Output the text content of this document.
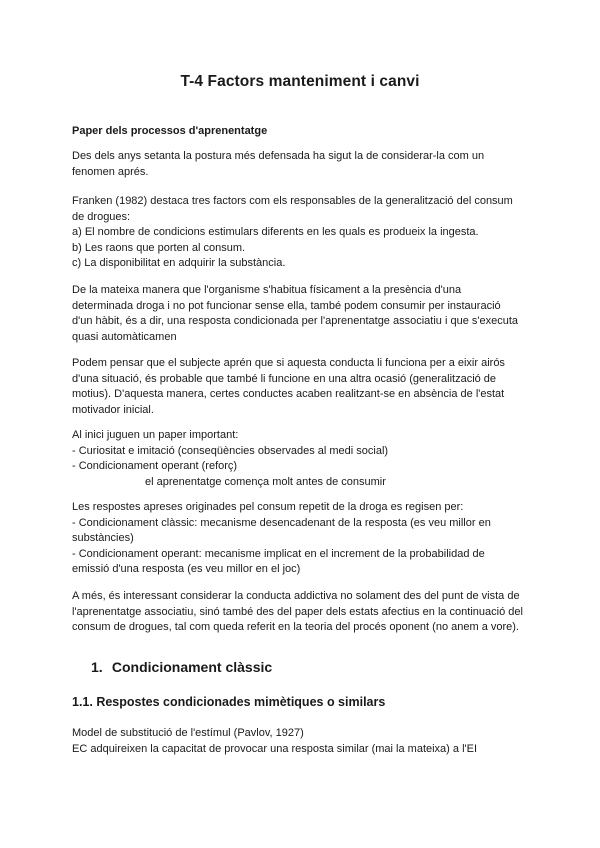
T-4 Factors manteniment i canvi
Paper dels processos d'aprenentatge
Des dels anys setanta la postura més defensada ha sigut la de considerar-la com un
fenomen aprés.
Franken (1982) destaca tres factors com els responsables de la generalització del consum
de drogues:
a) El nombre de condicions estimulars diferents en les quals es produeix la ingesta.
b) Les raons que porten al consum.
c) La disponibilitat en adquirir la substància.
De la mateixa manera que l'organisme s'habitua físicament a la presència d'una
determinada droga i no pot funcionar sense ella, també podem consumir per instauració
d'un hàbit, és a dir, una resposta condicionada per l'aprenentatge associatiu i que s'executa
quasi automàticamen
Podem pensar que el subjecte aprén que si aquesta conducta li funciona per a eixir airós
d'una situació, és probable que també li funcione en una altra ocasió (generalització de
motius). D'aquesta manera, certes conductes acaben realitzant-se en absència de l'estat
motivador inicial.
Al inici juguen un paper important:
- Curiositat e imitació (conseqüències observades al medi social)
- Condicionament operant (reforç)
el aprenentatge comença molt antes de consumir
Les respostes apreses originades pel consum repetit de la droga es regisen per:
- Condicionament clàssic: mecanisme desencadenant de la resposta (es veu millor en
substàncies)
- Condicionament operant: mecanisme implicat en el increment de la probabilidad de
emissió d'una resposta (es veu millor en el joc)
A més, és interessant considerar la conducta addictiva no solament des del punt de vista de
l'aprenentatge associatiu, sinó també des del paper dels estats afectius en la continuació del
consum de drogues, tal com queda referit en la teoria del procés oponent (no anem a vore).
1. Condicionament clàssic
1.1. Respostes condicionades mimètiques o similars
Model de substitució de l'estímul (Pavlov, 1927)
EC adquireixen la capacitat de provocar una resposta similar (mai la mateixa) a l'EI
